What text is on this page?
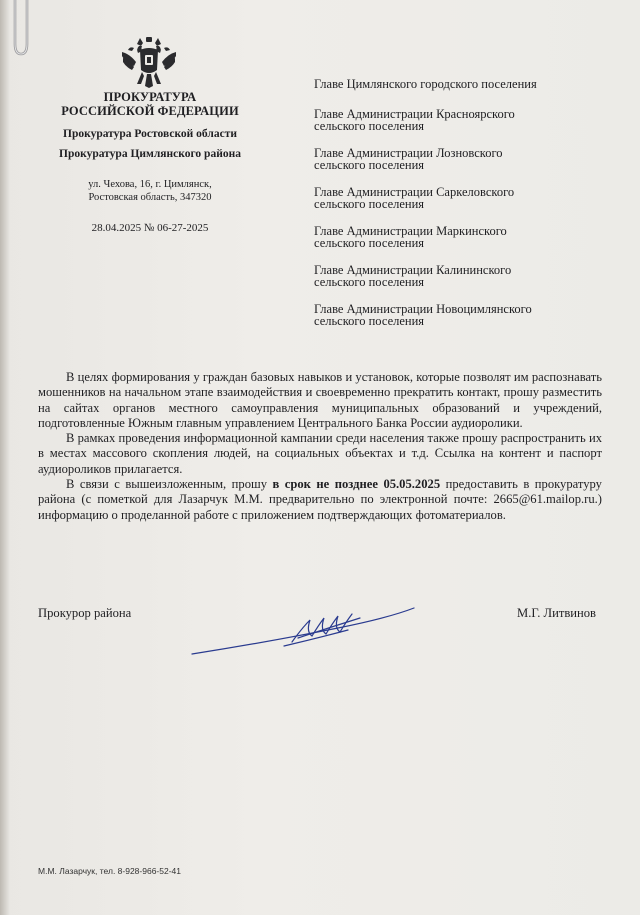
ПРОКУРАТУРА
РОССИЙСКОЙ ФЕДЕРАЦИИ
Прокуратура Ростовской области
Прокуратура Цимлянского района
ул. Чехова, 16, г. Цимлянск,
Ростовская область, 347320
28.04.2025 № 06-27-2025
Главе Цимлянского городского поселения
Главе Администрации Красноярского
сельского поселения
Главе Администрации Лозновского
сельского поселения
Главе Администрации Саркеловского
сельского поселения
Главе Администрации Маркинского
сельского поселения
Главе Администрации Калининского
сельского поселения
Главе Администрации Новоцимлянского
сельского поселения

В целях формирования у граждан базовых навыков и установок, которые позволят им распознавать мошенников на начальном этапе взаимодействия и своевременно прекратить контакт, прошу разместить на сайтах органов местного самоуправления муниципальных образований и учреждений, подготовленные Южным главным управлением Центрального Банка России аудиоролики.

В рамках проведения информационной кампании среди населения также прошу распространить их в местах массового скопления людей, на социальных объектах и т.д. Ссылка на контент и паспорт аудиороликов прилагается.

В связи с вышеизложенным, прошу в срок не позднее 05.05.2025 предоставить в прокуратуру района (с пометкой для Лазарчук М.М. предварительно по электронной почте: 2665@61.mailop.ru.) информацию о проделанной работе с приложением подтверждающих фотоматериалов.

Прокурор района	М.Г. Литвинов
М.М. Лазарчук, тел. 8-928-966-52-41
